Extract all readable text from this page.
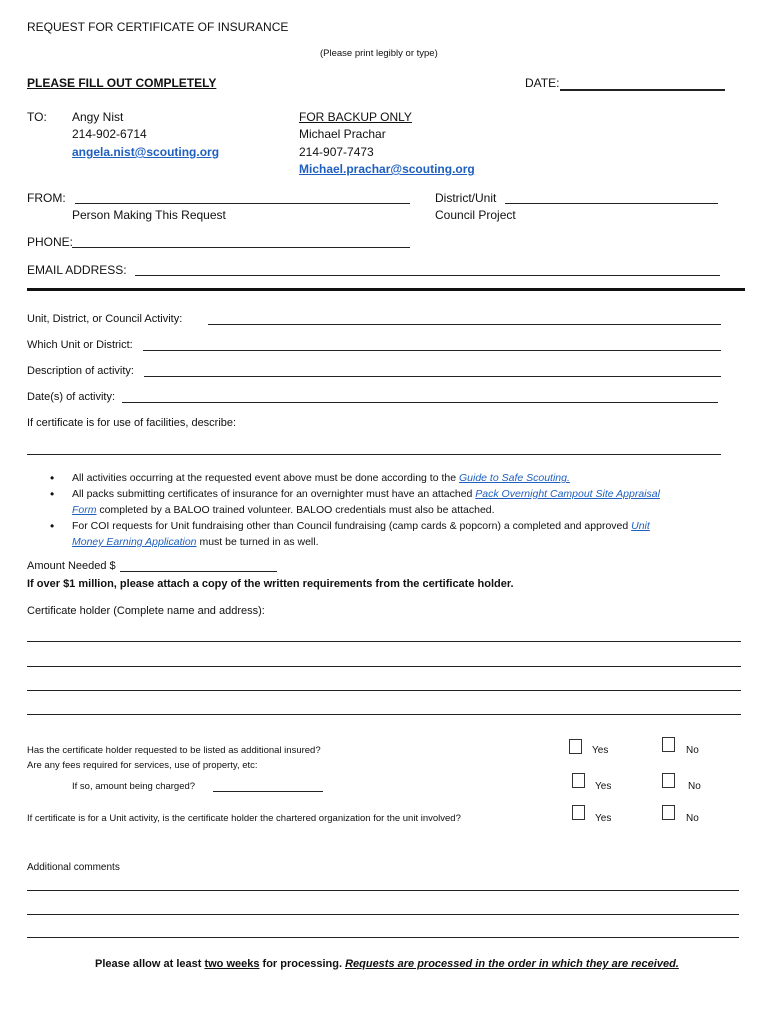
REQUEST FOR CERTIFICATE OF INSURANCE
(Please print legibly or type)
PLEASE FILL OUT COMPLETELY	DATE:
TO: Angy Nist
214-902-6714
angela.nist@scouting.org
FOR BACKUP ONLY
Michael Prachar
214-907-7473
Michael.prachar@scouting.org
FROM:
Person Making This Request
District/Unit
Council Project
PHONE:
EMAIL ADDRESS:
Unit, District, or Council Activity:
Which Unit or District:
Description of activity:
Date(s) of activity:
If certificate is for use of facilities, describe:
• All activities occurring at the requested event above must be done according to the Guide to Safe Scouting.
• All packs submitting certificates of insurance for an overnighter must have an attached Pack Overnight Campout Site Appraisal
Form completed by a BALOO trained volunteer. BALOO credentials must also be attached.
• For COI requests for Unit fundraising other than Council fundraising (camp cards & popcorn) a completed and approved Unit
Money Earning Application must be turned in as well.
Amount Needed $
If over $1 million, please attach a copy of the written requirements from the certificate holder.
Certificate holder (Complete name and address):
Has the certificate holder requested to be listed as additional insured?	Yes	No
Are any fees required for services, use of property, etc:
If so, amount being charged?	Yes	No
If certificate is for a Unit activity, is the certificate holder the chartered organization for the unit involved?	Yes	No
Additional comments
Please allow at least two weeks for processing. Requests are processed in the order in which they are received.
